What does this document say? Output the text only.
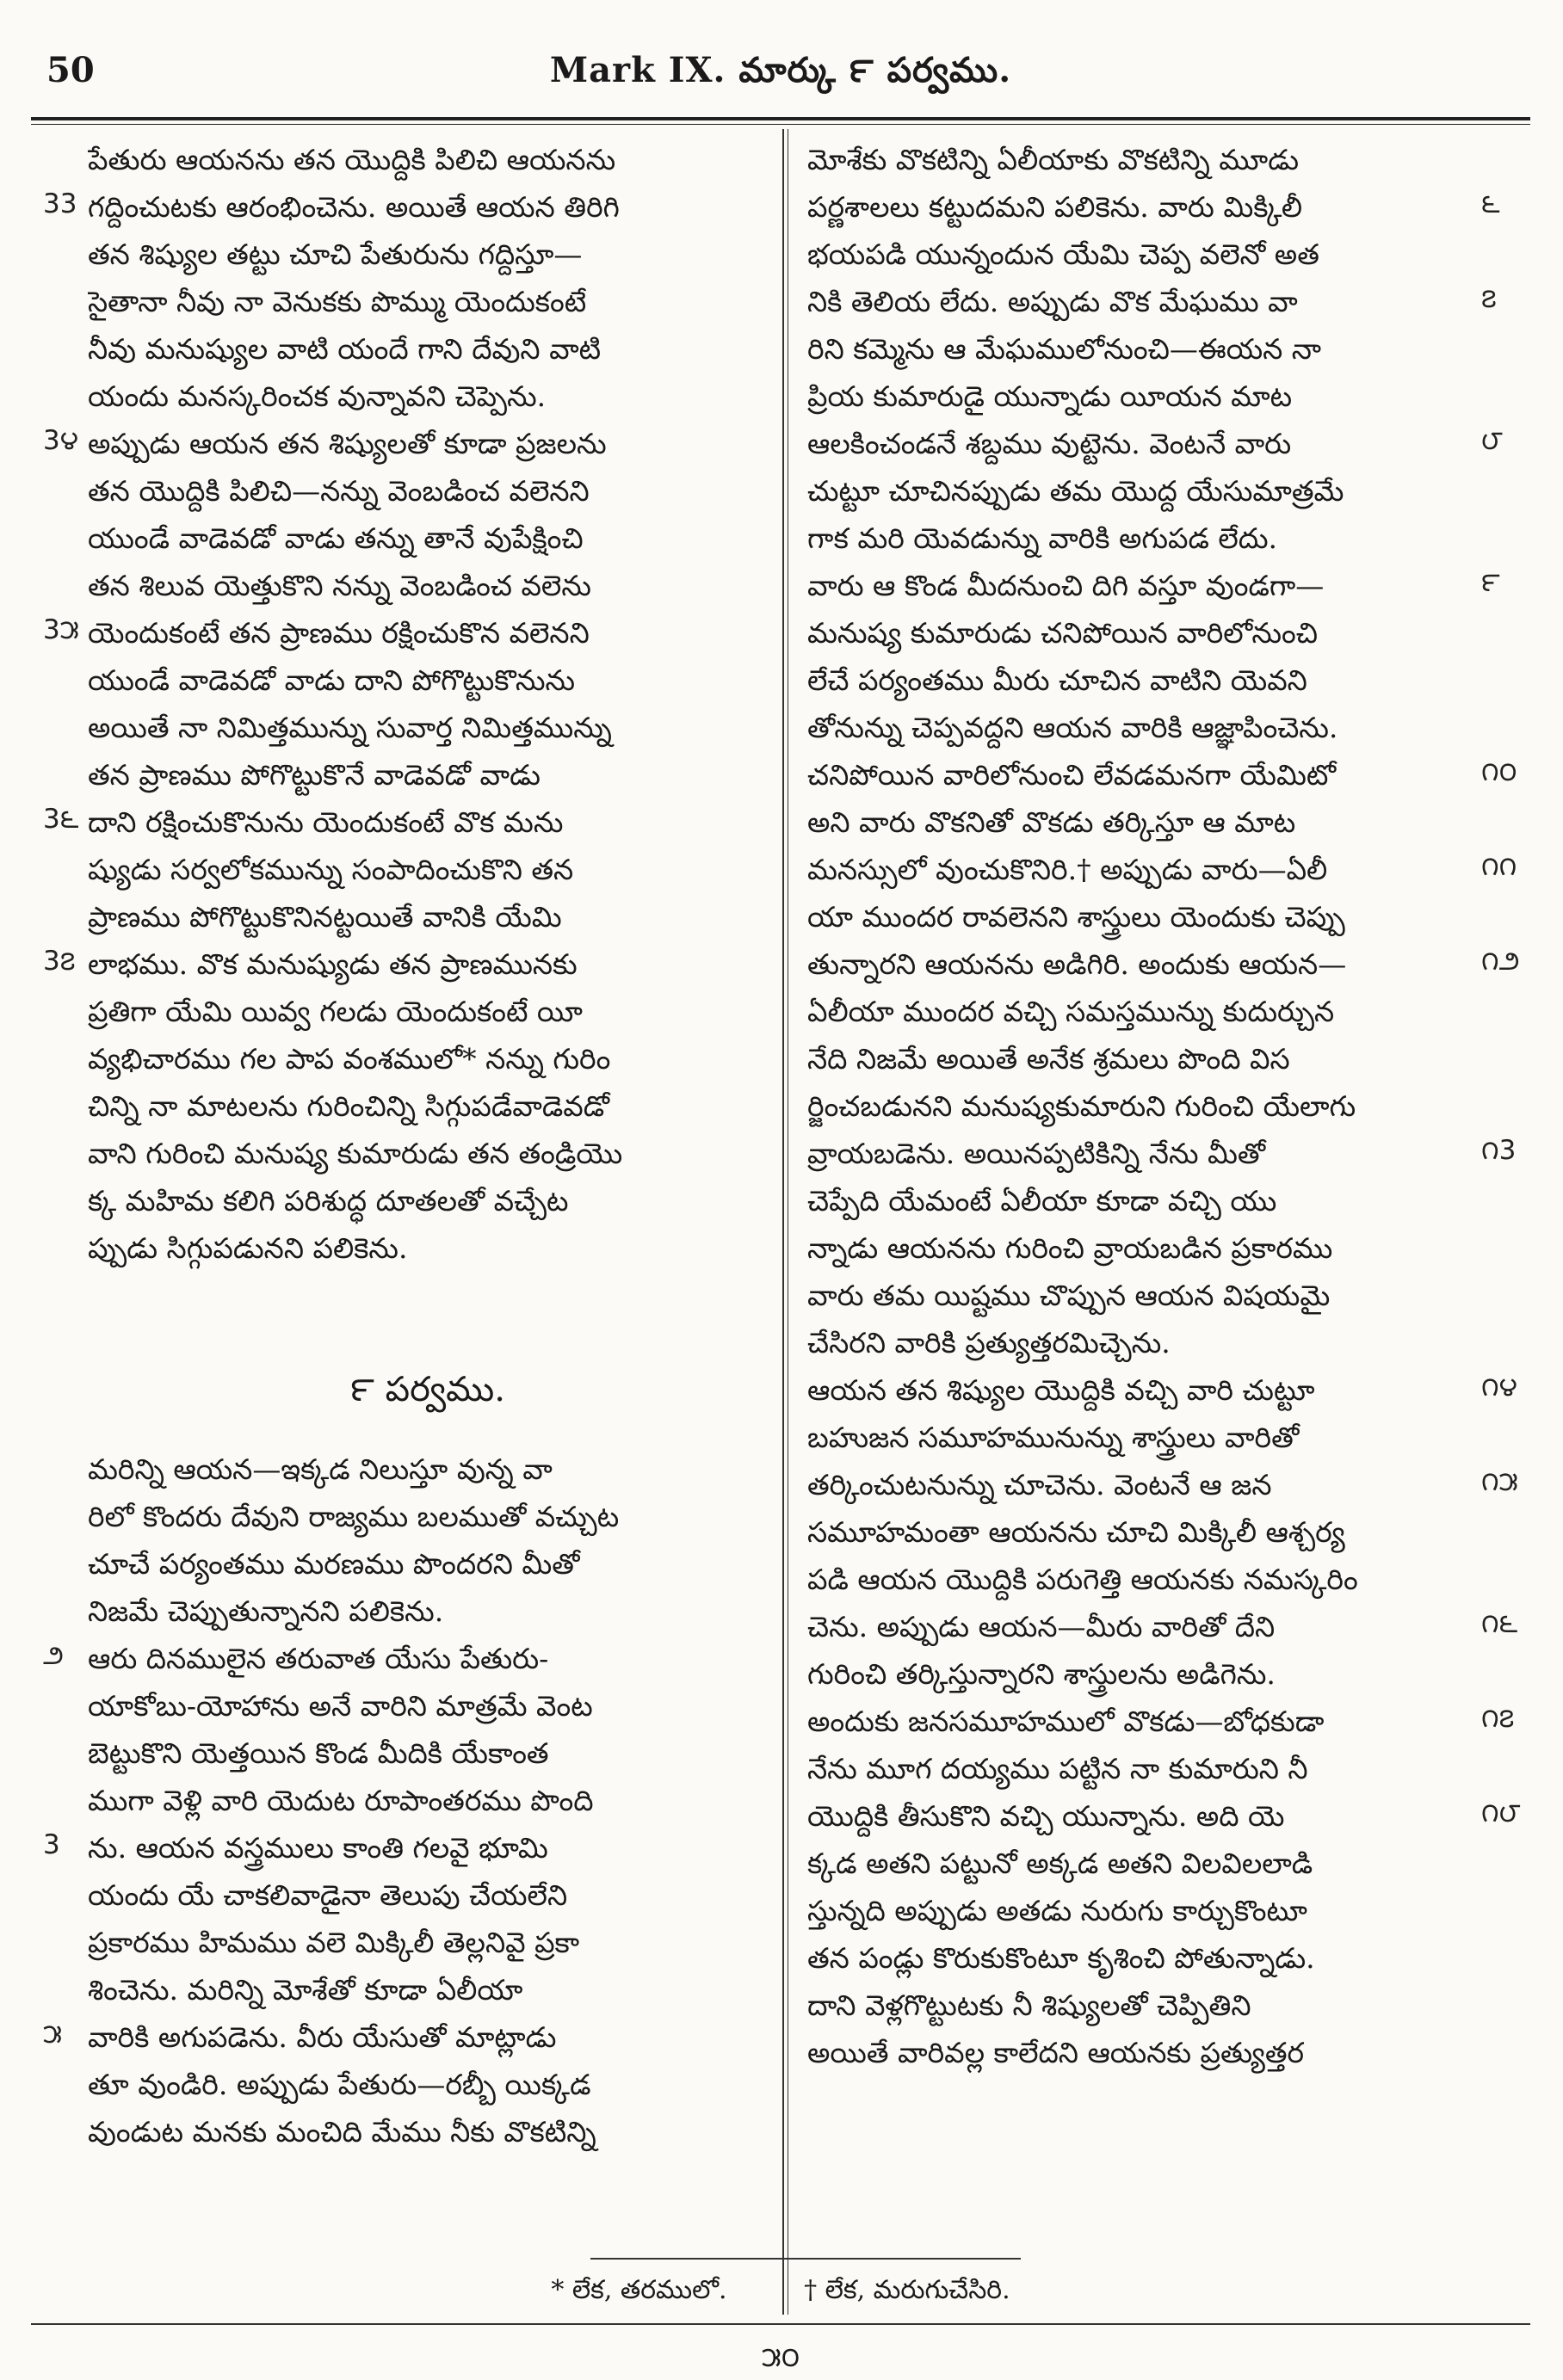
50	Mark IX. మార్కు ౯ పర్వము.
పేతురు ఆయనను తన యొద్దికి పిలిచి ఆయనను
గద్దించుటకు ఆరంభించెను. అయితే ఆయన తిరిగి
తన శిష్యుల తట్టు చూచి పేతురును గద్దిస్తూ—
సైతానా నీవు నా వెనుకకు పొమ్ము యెందుకంటే
నీవు మనుష్యుల వాటి యందే గాని దేవుని వాటి
యందు మనస్కరించక వున్నావని చెప్పెను.
అప్పుడు ఆయన తన శిష్యులతో కూడా ప్రజలను
తన యొద్దికి పిలిచి—నన్ను వెంబడించ వలెనని
యుండే వాడెవడో వాడు తన్ను తానే వుపేక్షించి
తన శిలువ యెత్తుకొని నన్ను వెంబడించ వలెను
యెందుకంటే తన ప్రాణము రక్షించుకొన వలెనని
యుండే వాడెవడో వాడు దాని పోగొట్టుకొనును
అయితే నా నిమిత్తమున్ను సువార్త నిమిత్తమున్ను
తన ప్రాణము పోగొట్టుకొనే వాడెవడో వాడు
దాని రక్షించుకొనును యెందుకంటే వొక మను
ష్యుడు సర్వలోకమున్ను సంపాదించుకొని తన
ప్రాణము పోగొట్టుకొనినట్టయితే వానికి యేమి
లాభము. వొక మనుష్యుడు తన ప్రాణమునకు
ప్రతిగా యేమి యివ్వ గలడు యెందుకంటే యీ
వ్యభిచారము గల పాప వంశములో* నన్ను గురిం
చిన్ని నా మాటలను గురించిన్ని సిగ్గుపడేవాడెవడో
వాని గురించి మనుష్య కుమారుడు తన తండ్రియొ
క్క మహిమ కలిగి పరిశుద్ధ దూతలతో వచ్చేట
ప్పుడు సిగ్గుపడునని పలికెను.
౯ పర్వము.
మరిన్ని ఆయన—ఇక్కడ నిలుస్తూ వున్న వా
రిలో కొందరు దేవుని రాజ్యము బలముతో వచ్చుట
చూచే పర్యంతము మరణము పొందరని మీతో
నిజమే చెప్పుతున్నానని పలికెను.
ఆరు దినములైన తరువాత యేసు పేతురు-
యాకోబు-యోహాను అనే వారిని మాత్రమే వెంట
బెట్టుకొని యెత్తయిన కొండ మీదికి యేకాంత
ముగా వెళ్లి వారి యెదుట రూపాంతరము పొంది
ను. ఆయన వస్త్రములు కాంతి గలవై భూమి
యందు యే చాకలివాడైనా తెలుపు చేయలేని
ప్రకారము హిమము వలె మిక్కిలీ తెల్లనివై ప్రకా
శించెను. మరిన్ని మోశేతో కూడా ఏలీయా
వారికి అగుపడెను. వీరు యేసుతో మాట్లాడు
తూ వుండిరి. అప్పుడు పేతురు—రబ్బీ యిక్కడ
వుండుట మనకు మంచిది మేము నీకు వొకటిన్ని
మోశేకు వొకటిన్ని ఏలీయాకు వొకటిన్ని మూడు
పర్ణశాలలు కట్టుదమని పలికెను. వారు మిక్కిలీ
భయపడి యున్నందున యేమి చెప్ప వలెనో అత
నికి తెలియ లేదు. అప్పుడు వొక మేఘము వా
రిని కమ్మెను ఆ మేఘములోనుంచి—ఈయన నా
ప్రియ కుమారుడై యున్నాడు యీయన మాట
ఆలకించండనే శబ్దము వుట్టెను. వెంటనే వారు
చుట్టూ చూచినప్పుడు తమ యొద్ద యేసుమాత్రమే
గాక మరి యెవడున్ను వారికి అగుపడ లేదు.
వారు ఆ కొండ మీదనుంచి దిగి వస్తూ వుండగా—
మనుష్య కుమారుడు చనిపోయిన వారిలోనుంచి
లేచే పర్యంతము మీరు చూచిన వాటిని యెవని
తోనున్ను చెప్పవద్దని ఆయన వారికి ఆజ్ఞాపించెను.
చనిపోయిన వారిలోనుంచి లేవడమనగా యేమిటో
అని వారు వొకనితో వొకడు తర్కిస్తూ ఆ మాట
మనస్సులో వుంచుకొనిరి.† అప్పుడు వారు—ఏలీ
యా ముందర రావలెనని శాస్త్రులు యెందుకు చెప్పు
తున్నారని ఆయనను అడిగిరి. అందుకు ఆయన—
ఏలీయా ముందర వచ్చి సమస్తమున్ను కుదుర్చున
నేది నిజమే అయితే అనేక శ్రమలు పొంది విస
ర్జించబడునని మనుష్యకుమారుని గురించి యేలాగు
వ్రాయబడెను. అయినప్పటికిన్ని నేను మీతో
చెప్పేది యేమంటే ఏలీయా కూడా వచ్చి యు
న్నాడు ఆయనను గురించి వ్రాయబడిన ప్రకారము
వారు తమ యిష్టము చొప్పున ఆయన విషయమై
చేసిరని వారికి ప్రత్యుత్తరమిచ్చెను.
ఆయన తన శిష్యుల యొద్దికి వచ్చి వారి చుట్టూ
బహుజన సమూహమునున్ను శాస్త్రులు వారితో
తర్కించుటనున్ను చూచెను. వెంటనే ఆ జన
సమూహమంతా ఆయనను చూచి మిక్కిలీ ఆశ్చర్య
పడి ఆయన యొద్దికి పరుగెత్తి ఆయనకు నమస్కరిం
చెను. అప్పుడు ఆయన—మీరు వారితో దేని
గురించి తర్కిస్తున్నారని శాస్త్రులను అడిగెను.
అందుకు జనసమూహములో వొకడు—బోధకుడా
నేను మూగ దయ్యము పట్టిన నా కుమారుని నీ
యొద్దికి తీసుకొని వచ్చి యున్నాను. అది యె
క్కడ అతని పట్టునో అక్కడ అతని విలవిలలాడి
స్తున్నది అప్పుడు అతడు నురుగు కార్చుకొంటూ
తన పండ్లు కొరుకుకొంటూ కృశించి పోతున్నాడు.
దాని వెళ్లగొట్టుటకు నీ శిష్యులతో చెప్పితిని
అయితే వారివల్ల కాలేదని ఆయనకు ప్రత్యుత్తర
33
3౪
3౫
3౬
3౭
౨
3
౫
౬
౭
౮
౯
౧౦
౧౧
౧౨
౧3
౧౪
౧౫
౧౬
౧౭
౧౮
* లేక, తరములో.	† లేక, మరుగుచేసిరి.
౫౦
